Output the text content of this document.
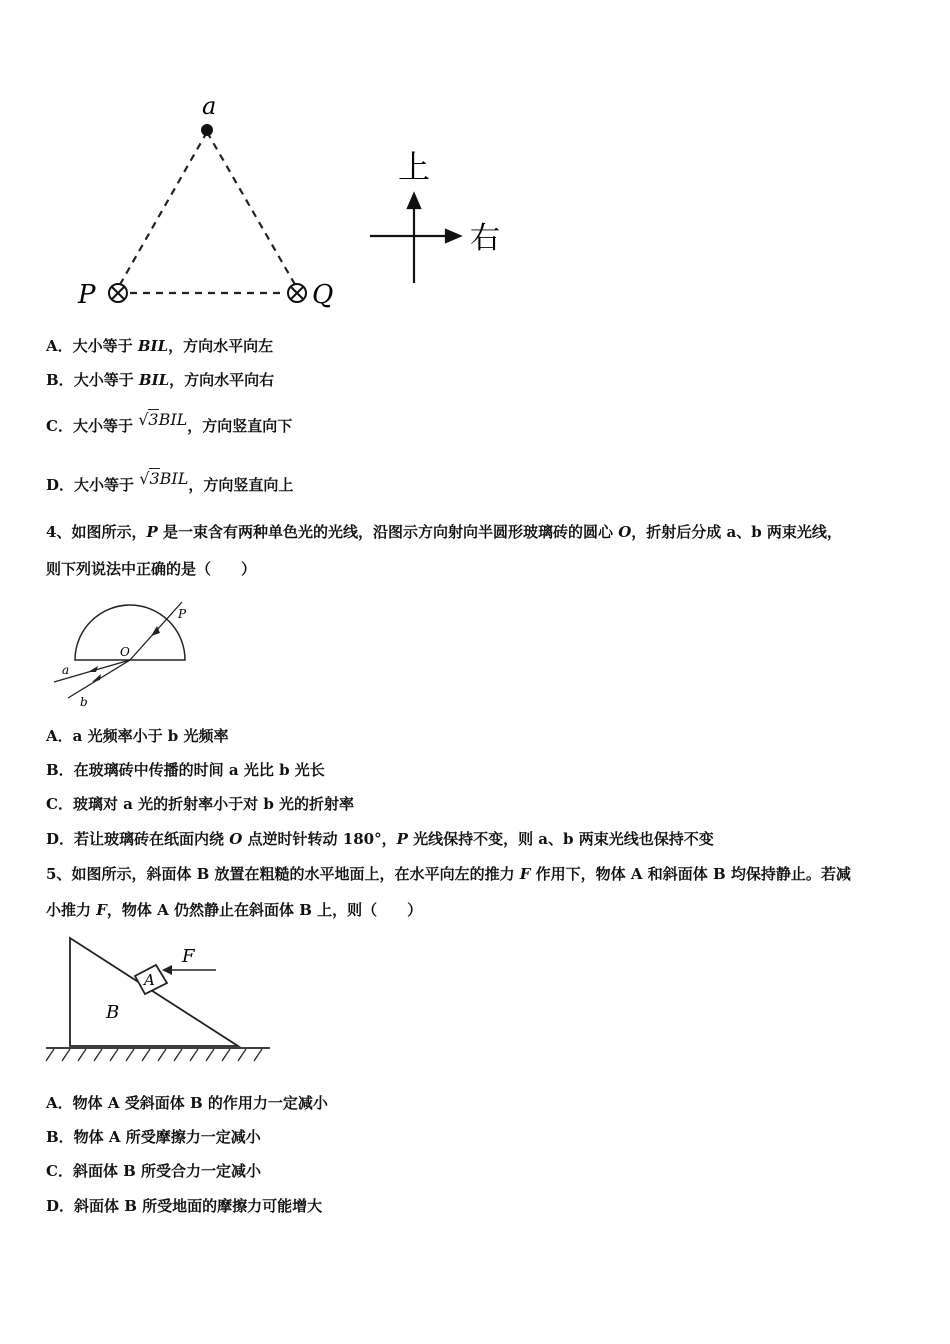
a
P	Q
上
右
A．大小等于 BIL，方向水平向左
B．大小等于 BIL，方向水平向右
C．大小等于 √3BIL，方向竖直向下
D．大小等于 √3BIL，方向竖直向上
4、如图所示，P 是一束含有两种单色光的光线，沿图示方向射向半圆形玻璃砖的圆心 O，折射后分成 a、b 两束光线，
则下列说法中正确的是（　　）
P
O
a
b
A．a 光频率小于 b 光频率
B．在玻璃砖中传播的时间 a 光比 b 光长
C．玻璃对 a 光的折射率小于对 b 光的折射率
D．若让玻璃砖在纸面内绕 O 点逆时针转动 180°，P 光线保持不变，则 a、b 两束光线也保持不变
5、如图所示，斜面体 B 放置在粗糙的水平地面上，在水平向左的推力 F 作用下，物体 A 和斜面体 B 均保持静止。若减
小推力 F，物体 A 仍然静止在斜面体 B 上，则（　　）
F
A
B
A．物体 A 受斜面体 B 的作用力一定减小
B．物体 A 所受摩擦力一定减小
C．斜面体 B 所受合力一定减小
D．斜面体 B 所受地面的摩擦力可能增大
